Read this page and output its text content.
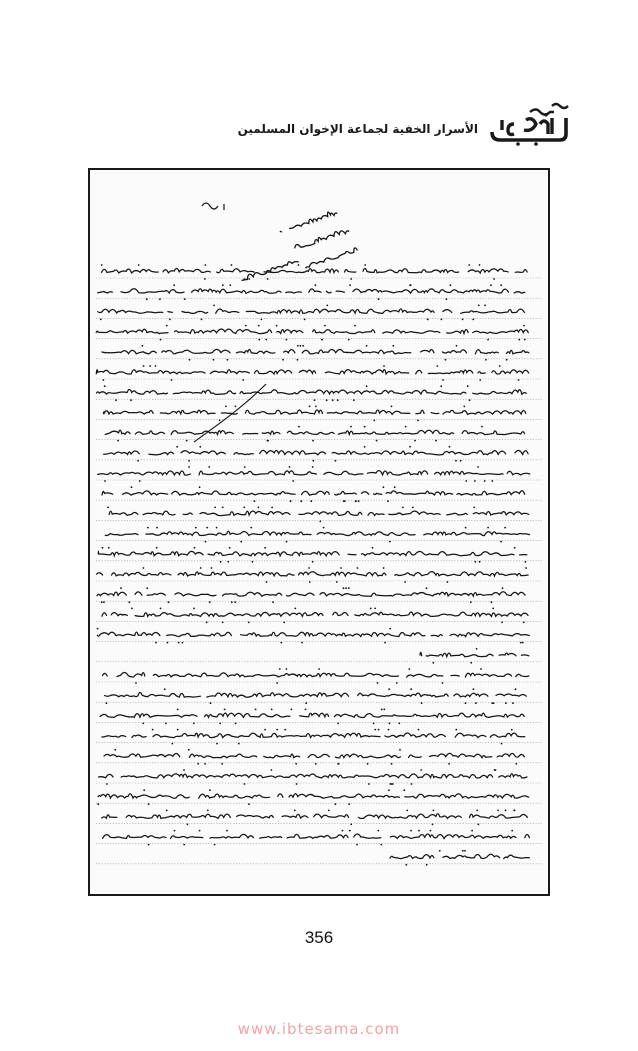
الأسرار الخفية لجماعة الإخوان المسلمين
356
www.ibtesama.com
